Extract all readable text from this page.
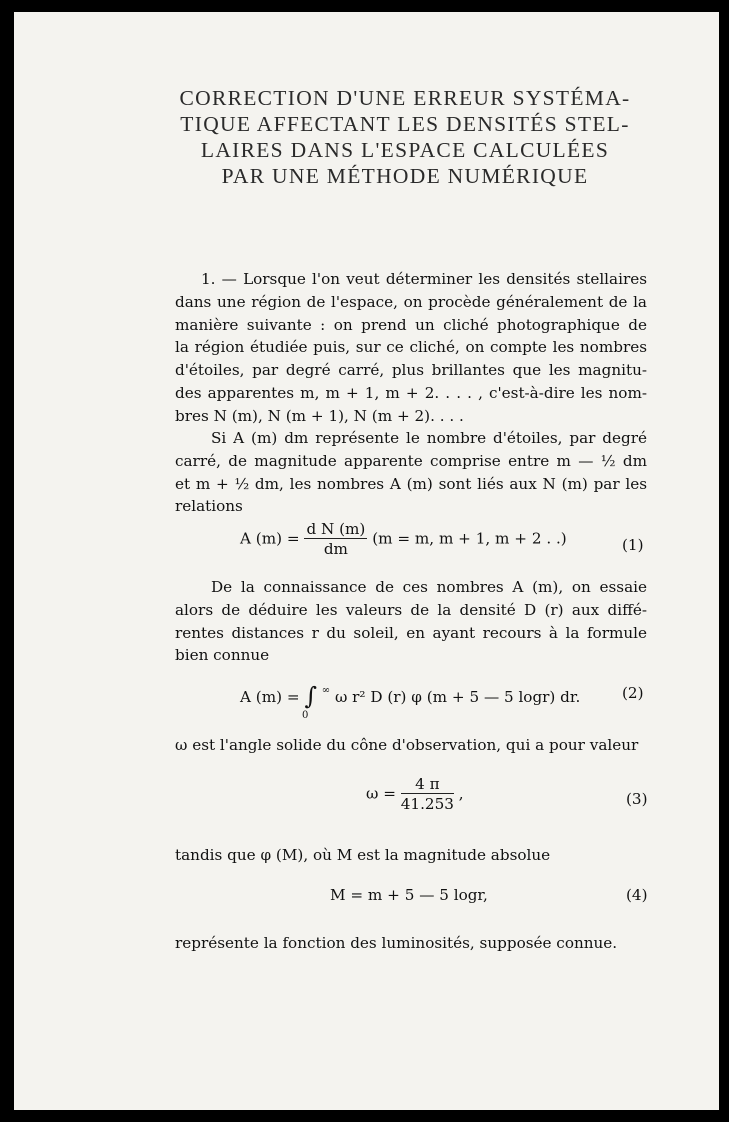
CORRECTION D'UNE ERREUR SYSTÉMA-
TIQUE AFFECTANT LES DENSITÉS STEL-
LAIRES DANS L'ESPACE CALCULÉES
PAR UNE MÉTHODE NUMÉRIQUE
1. — Lorsque l'on veut déterminer les densités stellaires
dans une région de l'espace, on procède généralement de la
manière suivante : on prend un cliché photographique de
la région étudiée puis, sur ce cliché, on compte les nombres
d'étoiles, par degré carré, plus brillantes que les magnitu-
des apparentes m, m + 1, m + 2. . . . , c'est-à-dire les nom-
bres N (m), N (m + 1), N (m + 2). . . .
Si A (m) dm représente le nombre d'étoiles, par degré
carré, de magnitude apparente comprise entre m — ½ dm
et m + ½ dm, les nombres A (m) sont liés aux N (m) par les
relations
A $(m) = \frac{\text{d N (m)}}{dm} (m = m$, m + 1, m + 2 . .)	(1)
De la connaissance de ces nombres A (m), on essaie
alors de déduire les valeurs de la densité D (r) aux diffé-
rentes distances r du soleil, en ayant recours à la formule
bien connue
A (m) = ∫ ∞
0
ω r² D (r) φ (m + 5 — 5 logr) dr.	(2)
ω est l'angle solide du cône d'observation, qui a pour valeur
$\omega = \frac{4 \pi}{41.253}$ ,	(3)
tandis que φ (M), où M est la magnitude absolue
M = m + 5 — 5 logr,	(4)
représente la fonction des luminosités, supposée connue.
